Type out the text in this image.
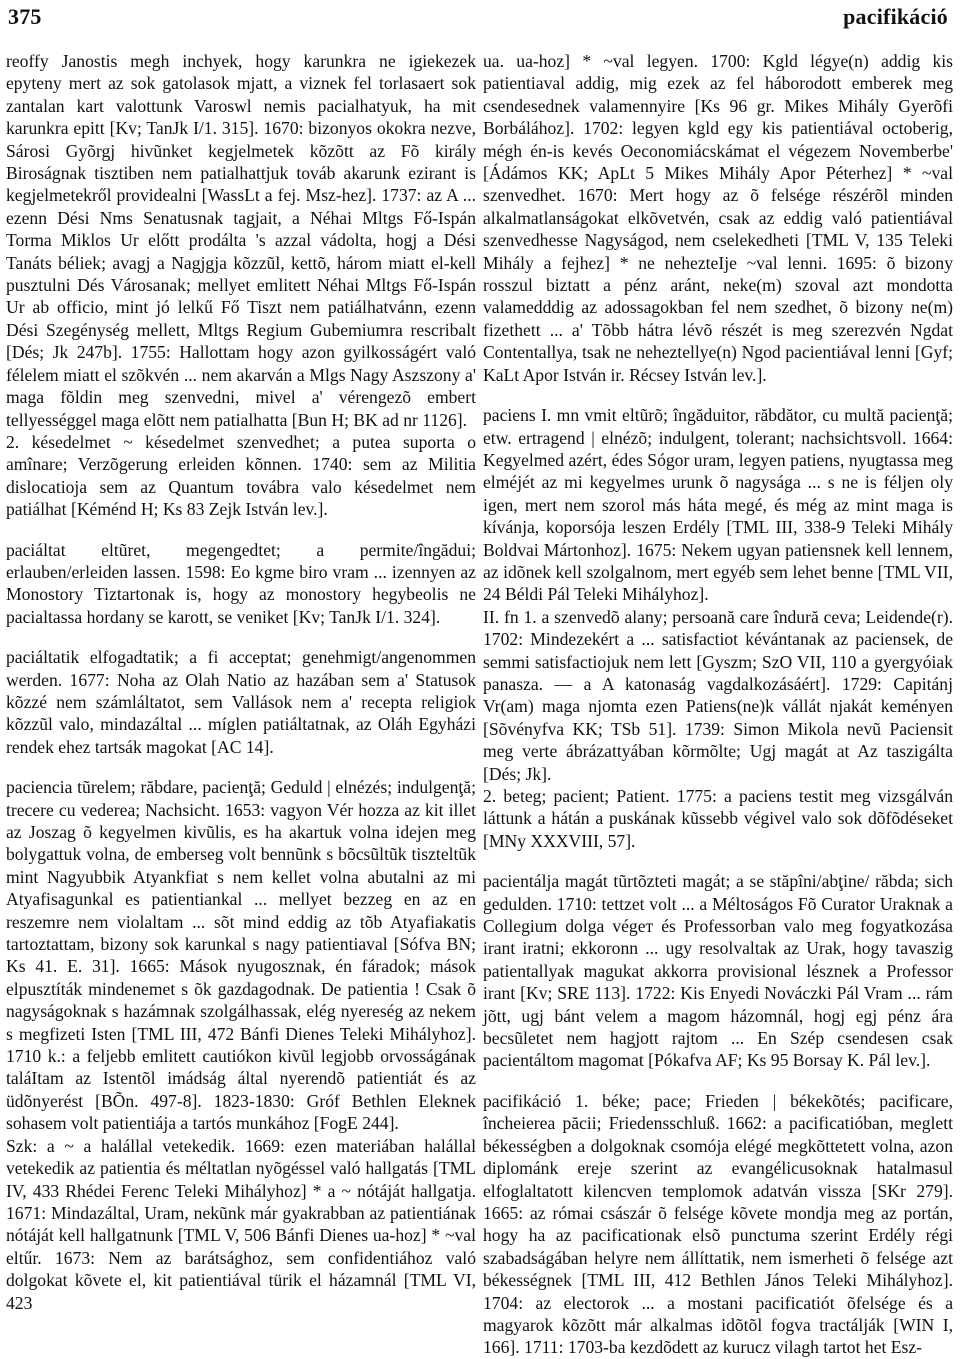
375	pacifikáció

reoffy Janostis megh inchyek, hogy karunkra ne igiekezek epyteny mert az sok gatolasok mjatt, a viznek fel torlasaert sok zantalan kart valottunk Varoswl nemis pacialhatyuk, ha mit karunkra epitt [Kv; TanJk I/1. 315]. 1670: bizonyos okokra nezve, Sárosi Gyõrgj hivũnket kegjelmetek kõzõtt az Fõ király Biroságnak tisztiben nem patialhattjuk továb akarunk ezirant is kegjelmetekről providealni [WassLt a fej. Msz-hez]. 1737: az A ... ezenn Dési Nms Senatusnak tagjait, a Néhai Mltgs Fő-Ispán Torma Miklos Ur előtt prodálta 's azzal vádolta, hogj a Dési Tanáts béliek; avagj a Nagjgja kõzzũl, kettõ, három miatt el-kell pusztulni Dés Városanak; mellyet emlitett Néhai Mltgs Fő-Ispán Ur ab officio, mint jó lelkű Fő Tiszt nem patiálhatvánn, ezenn Dési Szegénység mellett, Mltgs Regium Gubemiumra rescribalt [Dés; Jk 247b]. 1755: Hallottam hogy azon gyilkosságért való félelem miatt el szõkvén ... nem akarván a Mlgs Nagy Aszszony a' maga fõldin meg szenvedni, mivel a' vérengezõ embert tellyességgel maga elõtt nem patialhatta [Bun H; BK ad nr 1126].

2. késedelmet ~ késedelmet szenvedhet; a putea suporta o amînare; Verzõgerung erleiden kõnnen. 1740: sem az Militia dislocatioja sem az Quantum továbra valo késedelmet nem patiálhat [Kéménd H; Ks 83 Zejk István lev.].

paciáltat eltũret, megengedtet; a permite/îngădui; erlauben/erleiden lassen. 1598: Eo kgme biro vram ... izennyen az Monostory Tiztartonak is, hogy az monostory hegybeolis ne pacialtassa hordany se karott, se veniket [Kv; TanJk I/1. 324].

paciáltatik elfogadtatik; a fi acceptat; genehmigt/angenommen werden. 1677: Noha az Olah Natio az hazában sem a' Statusok kõzzé nem számláltatot, sem Vallások nem a' recepta religiok kõzzũl valo, mindazáltal ... míglen patiáltatnak, az Oláh Egyházi rendek ehez tartsák magokat [AC 14].

paciencia tũrelem; răbdare, pacienţă; Geduld | elnézés; indulgenţă; trecere cu vederea; Nachsicht. 1653: vagyon Vér hozza az kit illet az Joszag õ kegyelmen kivũlis, es ha akartuk volna idejen meg bolygattuk volna, de emberseg volt bennũnk s bõcsũltũk tiszteltũk mint Nagyubbik Atyankfiat s nem kellet volna abutalni az mi Atyafisagunkal es patientiankal ... mellyet bezzeg en az en reszemre nem violaltam ... sõt mind eddig az tõb Atyafiakatis tartoztattam, bizony sok karunkal s nagy patientiaval [Sófva BN; Ks 41. E. 31]. 1665: Mások nyugosznak, én fáradok; mások elpusztíták mindenemet s õk gazdagodnak. De patientia ! Csak õ nagyságoknak s hazámnak szolgálhassak, elég nyereség az nekem s megfizeti Isten [TML III, 472 Bánfi Dienes Teleki Mihályhoz]. 1710 k.: a feljebb emlitett cautiókon kivũl legjobb orvosságának taláItam az Istentõl imádság által nyerendõ patientiát és az üdõnyerést [BÕn. 497-8]. 1823-1830: Gróf Bethlen Eleknek sohasem volt patientiája a tartós munkához [FogE 244].

Szk: a ~ a halállal vetekedik. 1669: ezen materiában halállal vetekedik az patientia és méltatlan nyõgéssel való hallgatás [TML IV, 433 Rhédei Ferenc Teleki Mihályhoz] * a ~ nótáját hallgatja. 1671: Mindazáltal, Uram, nekũnk már gyakrabban az patientiának nótáját kell hallgatnunk [TML V, 506 Bánfi Dienes ua-hoz] * ~val eltűr. 1673: Nem az barátsághoz, sem confidentiához való dolgokat kõvete el, kit patientiával türik el házamnál [TML VI, 423

ua. ua-hoz] * ~val legyen. 1700: Kgld légye(n) addig kis patientiaval addig, mig ezek az fel háborodott emberek meg csendesednek valamennyire [Ks 96 gr. Mikes Mihály Gyerõfi Borbálához]. 1702: legyen kgld egy kis patientiával octoberig, mégh én-is kevés Oeconomiácskámat el végezem Novemberbe' [Ádámos KK; ApLt 5 Mikes Mihály Apor Péterhez] * ~val szenvedhet. 1670: Mert hogy az õ felsége részérõl minden alkalmatlanságokat elkõvetvén, csak az eddig való patientiával szenvedhesse Nagyságod, nem cselekedheti [TML V, 135 Teleki Mihály a fejhez] * ne nehezteIje ~val lenni. 1695: õ bizony rosszul biztatt a pénz aránt, neke(m) szoval azt mondotta valamedddig az adossagokban fel nem szedhet, õ bizony ne(m) fizethett ... a' Tõbb hátra lévõ részét is meg szerezvén Ngdat Contentallya, tsak ne neheztellye(n) Ngod pacientiával lenni [Gyf; KaLt Apor István ir. Récsey István lev.].

paciens I. mn vmit eltũrõ; îngăduitor, răbdător, cu multă pacienţă; etw. ertragend | elnézõ; indulgent, tolerant; nachsichtsvoll. 1664: Kegyelmed azért, édes Sógor uram, legyen patiens, nyugtassa meg elméjét az mi kegyelmes urunk õ nagysága ... s ne is féljen oly igen, mert nem szorol más háta megé, és még az mint maga is kívánja, koporsója leszen Erdély [TML III, 338-9 Teleki Mihály Boldvai Mártonhoz]. 1675: Nekem ugyan patiensnek kell lennem, az idõnek kell szolgalnom, mert egyéb sem lehet benne [TML VII, 24 Béldi Pál Teleki Mihályhoz].

II. fn 1. a szenvedõ alany; persoană care îndură ceva; Leidende(r). 1702: Mindezekért a ... satisfactiot kévántanak az paciensek, de semmi satisfactiojuk nem lett [Gyszm; SzO VII, 110 a gyergyóiak panasza. — a A katonaság vagdalkozásáért]. 1729: Capitánj Vr(am) maga njomta ezen Patiens(ne)k vállát njakát keményen [Sõvényfva KK; TSb 51]. 1739: Simon Mikola nevũ Paciensit meg verte ábrázattyában kõrmõlte; Ugj magát at Az taszigálta [Dés; Jk].

2. beteg; pacient; Patient. 1775: a paciens testit meg vizsgálván láttunk a hátán a puskának kũssebb végivel valo sok dõfõdéseket [MNy XXXVIII, 57].

pacientálja magát tũrtõzteti magát; a se stăpîni/abţine/ răbda; sich gedulden. 1710: tettzet volt ... a Méltoságos Fõ Curator Uraknak a Collegium dolga végeт és Professorban valo meg fogyatkozása irant iratni; ekkoronn ... ugy resolvaltak az Urak, hogy tavaszig patientallyak magukat akkorra provisional lésznek a Professor irant [Kv; SRE 113]. 1722: Kis Enyedi Nováczki Pál Vram ... rám jõtt, ugj bánt velem a magom házomnál, hogj egj pénz ára becsũletet nem hagjott rajtom ... En Szép csendesen csak pacientáltom magomat [Pókafva AF; Ks 95 Borsay K. Pál lev.].

pacifikáció 1. béke; pace; Frieden | békekõtés; pacificare, încheierea păcii; Friedensschluß. 1662: a pacificatióban, meglett békességben a dolgoknak csomója elégé megkõttetett volna, azon diplománk ereje szerint az evangélicusoknak hatalmasul elfoglaltatott kilencven templomok adatván vissza [SKr 279]. 1665: az római császár õ felsége kõvete mondja meg az portán, hogy ha az pacificationak elsõ punctuma szerint Erdély régi szabadságában helyre nem állíttatik, nem ismerheti õ felsége azt békességnek [TML III, 412 Bethlen János Teleki Mihályhoz]. 1704: az electorok ... a mostani pacificatiót õfelsége és a magyarok kõzõtt már alkalmas idõtõl fogva tractálják [WIN I, 166]. 1711: 1703-ba kezdõdett az kurucz vilagh tartot het Esz-
